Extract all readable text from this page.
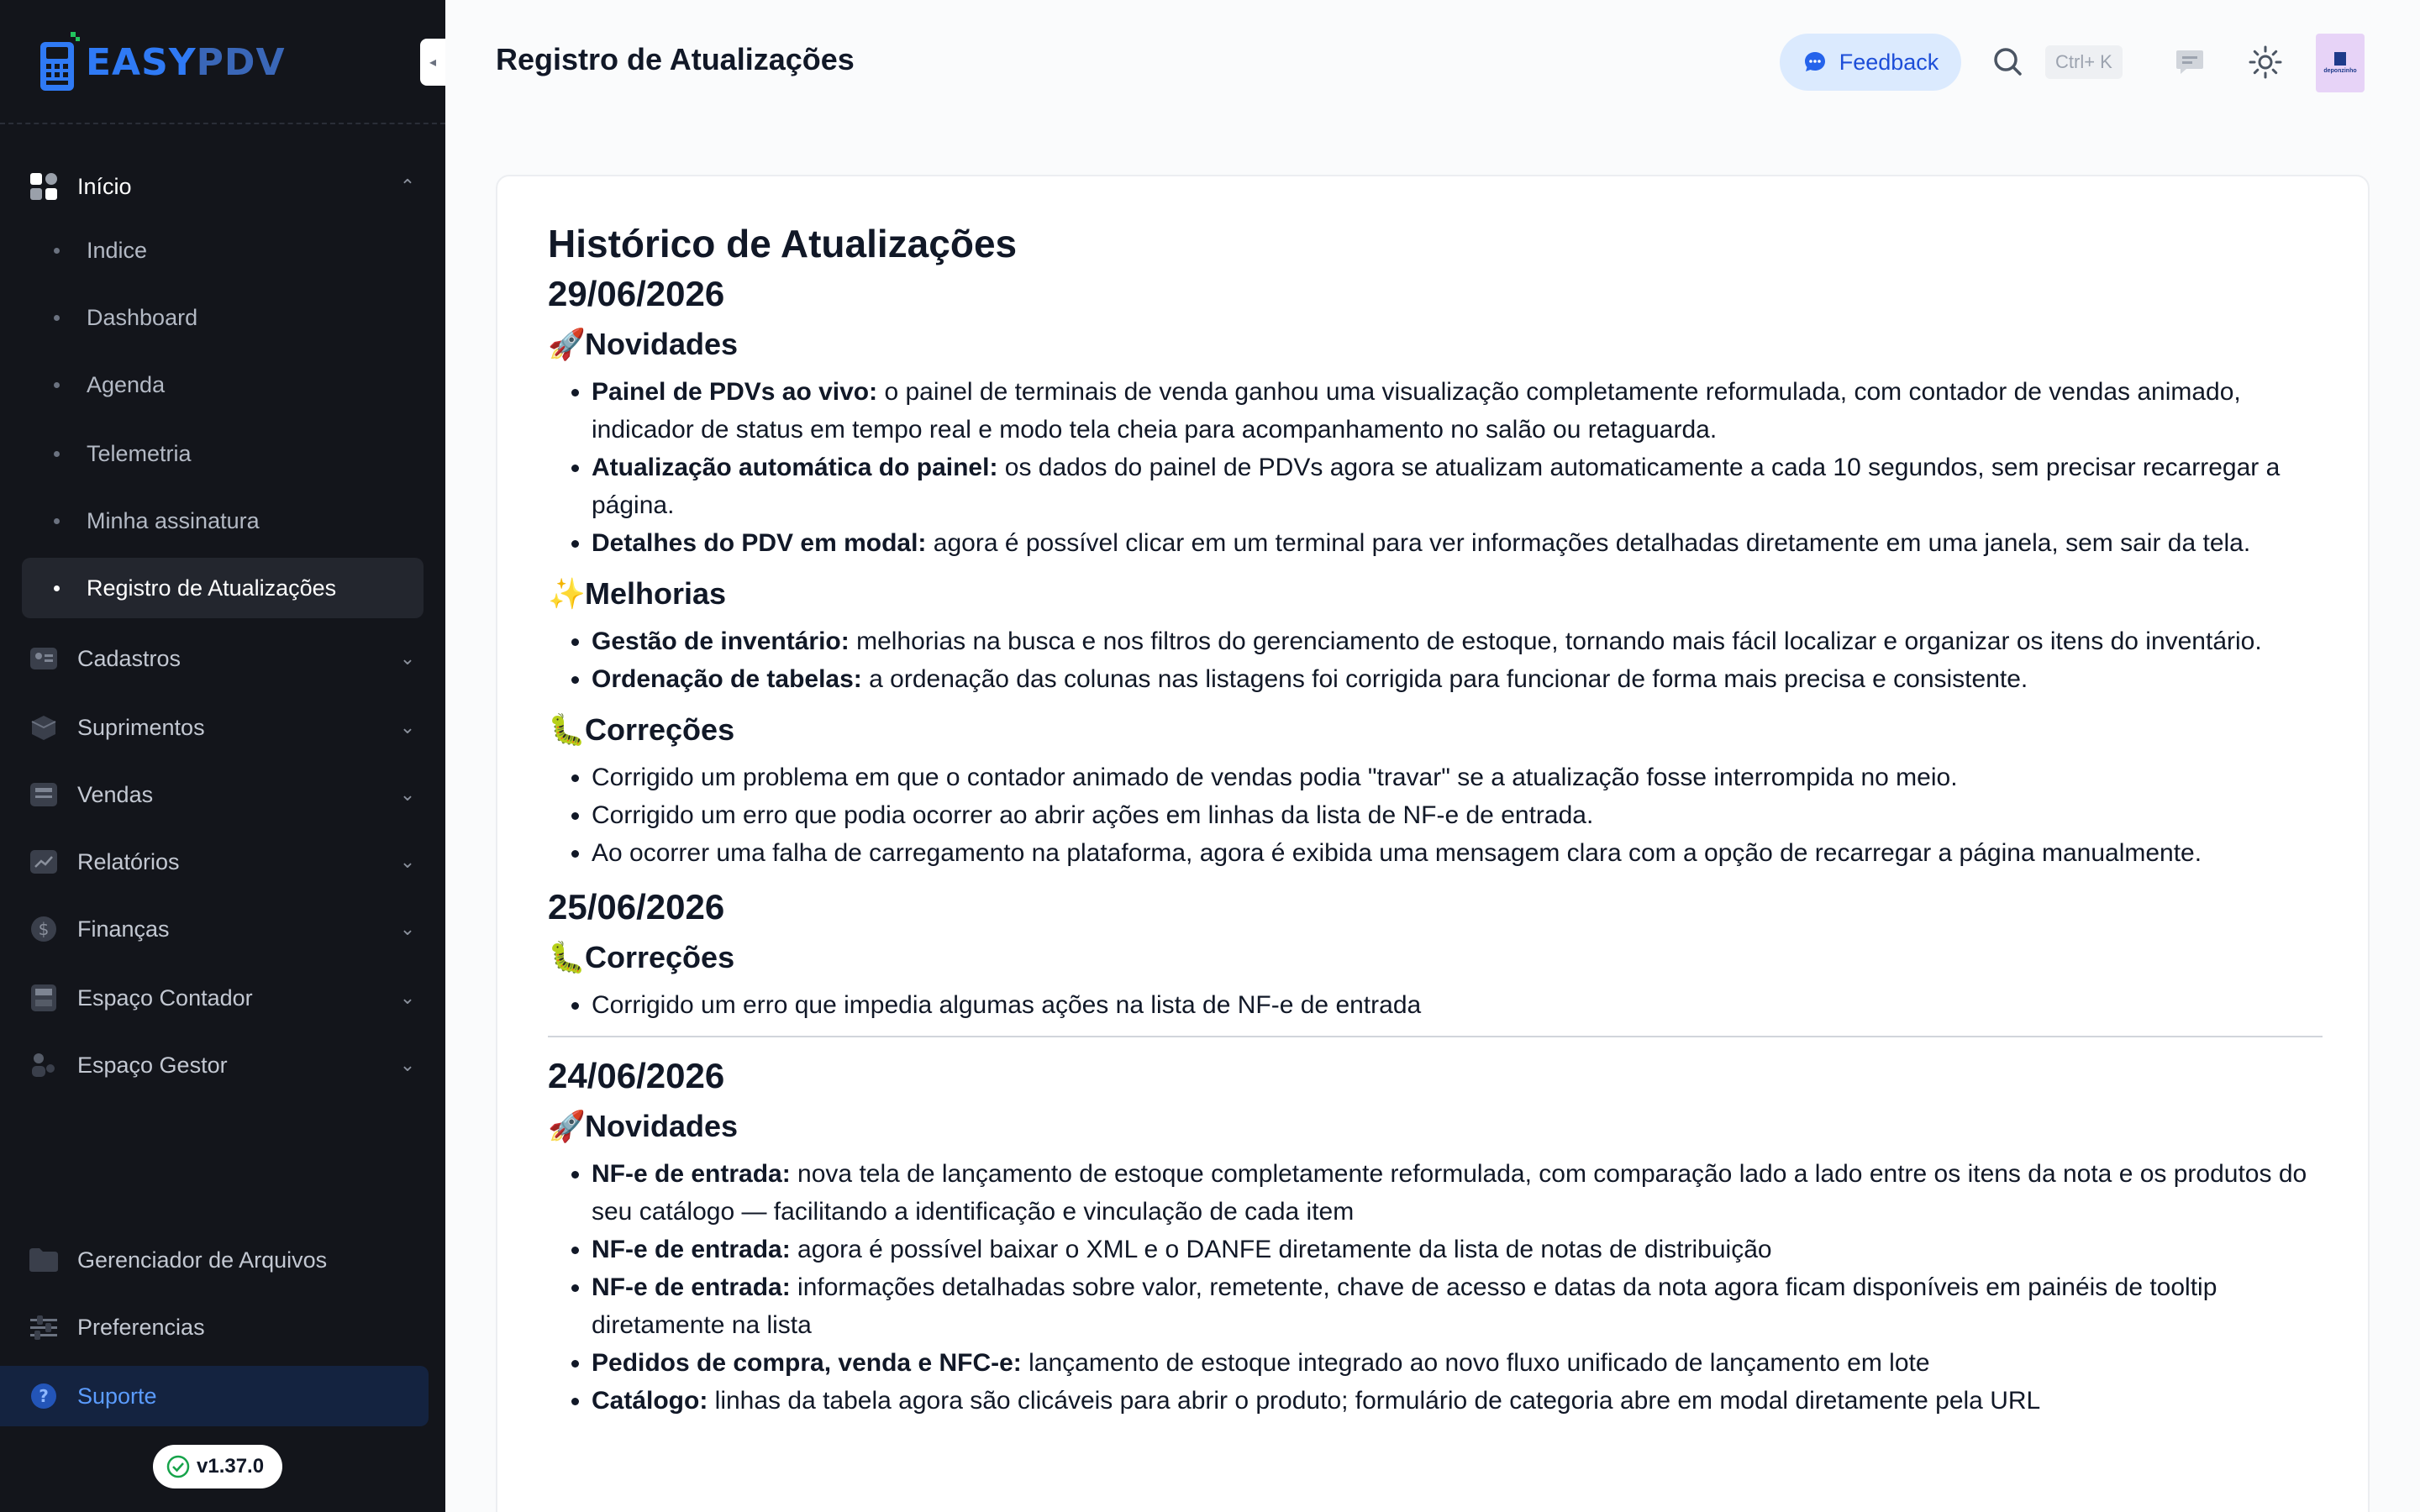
EASYPDV	◂
Início	⌃
Indice
Dashboard
Agenda
Telemetria
Minha assinatura
Registro de Atualizações
Cadastros	⌄
Suprimentos	⌄
Vendas	⌄
Relatórios	⌄
$ Finanças	⌄
Espaço Contador	⌄
Espaço Gestor	⌄
Gerenciador de Arquivos
Preferencias
? Suporte
v1.37.0
Registro de Atualizações	Feedback	Ctrl+ K	deponzinho
Histórico de Atualizações
29/06/2026
🚀Novidades
• Painel de PDVs ao vivo: o painel de terminais de venda ganhou uma visualização completamente reformulada, com contador de vendas animado, indicador de status em tempo real e modo tela cheia para acompanhamento no salão ou retaguarda.
• Atualização automática do painel: os dados do painel de PDVs agora se atualizam automaticamente a cada 10 segundos, sem precisar recarregar a página.
• Detalhes do PDV em modal: agora é possível clicar em um terminal para ver informações detalhadas diretamente em uma janela, sem sair da tela.
✨Melhorias
• Gestão de inventário: melhorias na busca e nos filtros do gerenciamento de estoque, tornando mais fácil localizar e organizar os itens do inventário.
• Ordenação de tabelas: a ordenação das colunas nas listagens foi corrigida para funcionar de forma mais precisa e consistente.
🐛Correções
• Corrigido um problema em que o contador animado de vendas podia "travar" se a atualização fosse interrompida no meio.
• Corrigido um erro que podia ocorrer ao abrir ações em linhas da lista de NF-e de entrada.
• Ao ocorrer uma falha de carregamento na plataforma, agora é exibida uma mensagem clara com a opção de recarregar a página manualmente.
25/06/2026
🐛Correções
• Corrigido um erro que impedia algumas ações na lista de NF-e de entrada
24/06/2026
🚀Novidades
• NF-e de entrada: nova tela de lançamento de estoque completamente reformulada, com comparação lado a lado entre os itens da nota e os produtos do seu catálogo — facilitando a identificação e vinculação de cada item
• NF-e de entrada: agora é possível baixar o XML e o DANFE diretamente da lista de notas de distribuição
• NF-e de entrada: informações detalhadas sobre valor, remetente, chave de acesso e datas da nota agora ficam disponíveis em painéis de tooltip diretamente na lista
• Pedidos de compra, venda e NFC-e: lançamento de estoque integrado ao novo fluxo unificado de lançamento em lote
• Catálogo: linhas da tabela agora são clicáveis para abrir o produto; formulário de categoria abre em modal diretamente pela URL
